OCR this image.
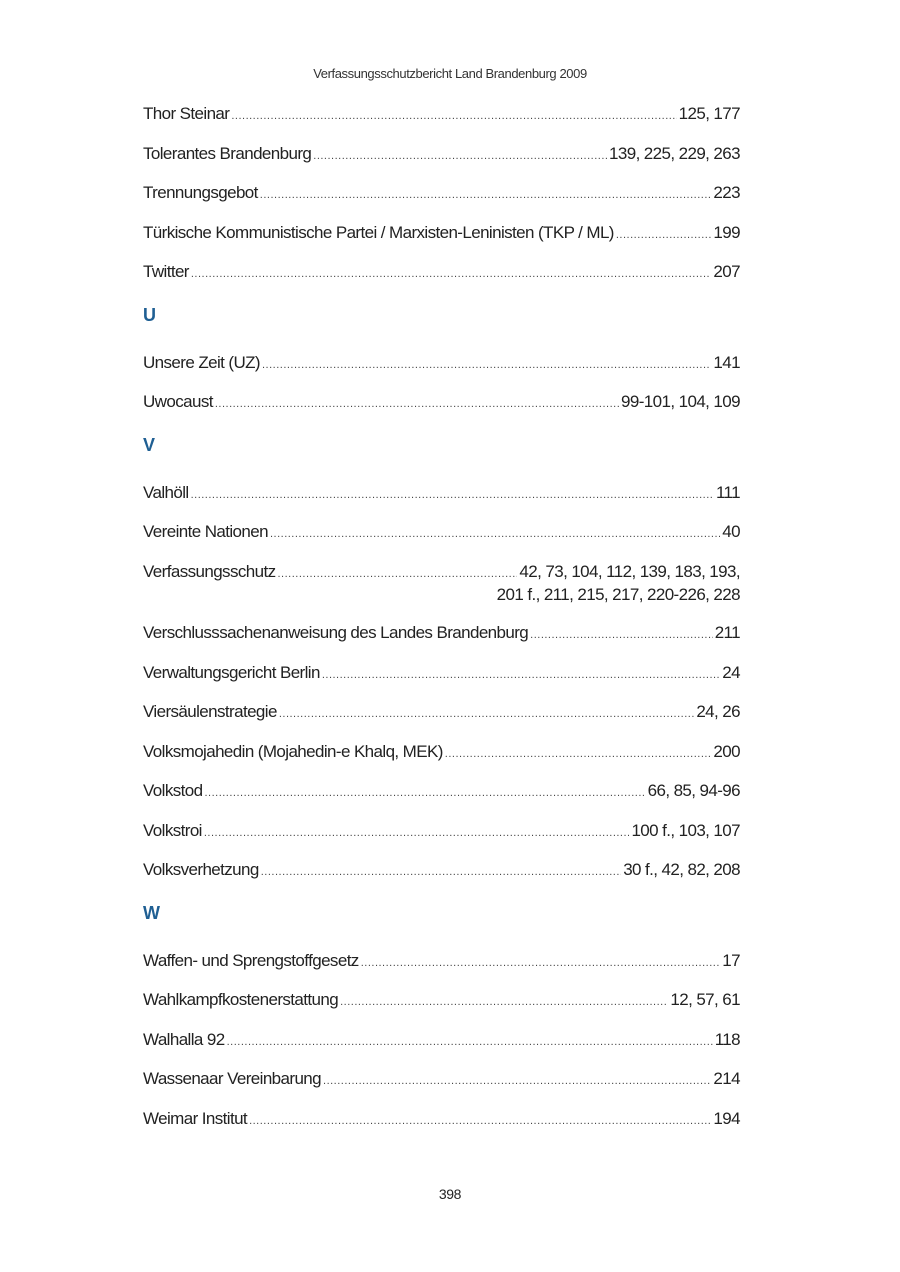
Verfassungsschutzbericht Land Brandenburg 2009
Thor Steinar .....	125, 177
Tolerantes Brandenburg .....	139, 225, 229, 263
Trennungsgebot .....	223
Türkische Kommunistische Partei / Marxisten-Leninisten (TKP / ML) .....	199
Twitter .....	207
U
Unsere Zeit (UZ) .....	141
Uwocaust .....	99-101, 104, 109
V
Valhöll .....	111
Vereinte Nationen .....	40
Verfassungsschutz .....	42, 73, 104, 112, 139, 183, 193,
201 f., 211, 215, 217, 220-226, 228
Verschlusssachenanweisung des Landes Brandenburg .....	211
Verwaltungsgericht Berlin .....	24
Viersäulenstrategie .....	24, 26
Volksmojahedin (Mojahedin-e Khalq, MEK) .....	200
Volkstod .....	66, 85, 94-96
Volkstroi .....	100 f., 103, 107
Volksverhetzung .....	30 f., 42, 82, 208
W
Waffen- und Sprengstoffgesetz .....	17
Wahlkampfkostenerstattung .....	12, 57, 61
Walhalla 92 .....	118
Wassenaar Vereinbarung .....	214
Weimar Institut .....	194
398
